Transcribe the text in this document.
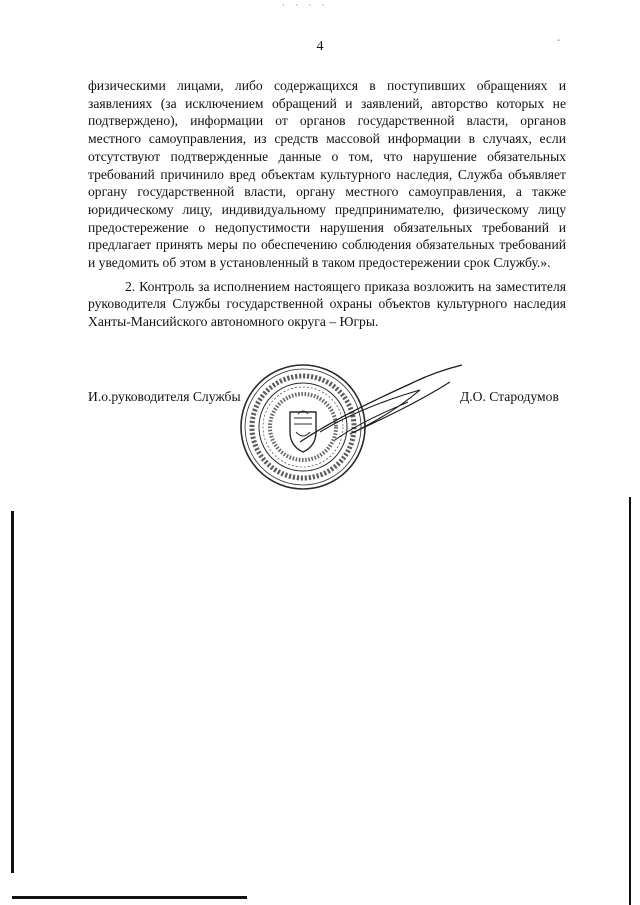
4
· · · ·
˘

физическими лицами, либо содержащихся в поступивших обращениях и заявлениях (за исключением обращений и заявлений, авторство которых не подтверждено), информации от органов государственной власти, органов местного самоуправления, из средств массовой информации в случаях, если отсутствуют подтвержденные данные о том, что нарушение обязательных требований причинило вред объектам культурного наследия, Служба объявляет органу государственной власти, органу местного самоуправления, а также юридическому лицу, индивидуальному предпринимателю, физическому лицу предостережение о недопустимости нарушения обязательных требований и предлагает принять меры по обеспечению соблюдения обязательных требований и уведомить об этом в установленный в таком предостережении срок Службу.».

2. Контроль за исполнением настоящего приказа возложить на заместителя руководителя Службы государственной охраны объектов культурного наследия Ханты-Мансийского автономного округа – Югры.

И.о.руководителя Службы	Д.О. Стародумов
